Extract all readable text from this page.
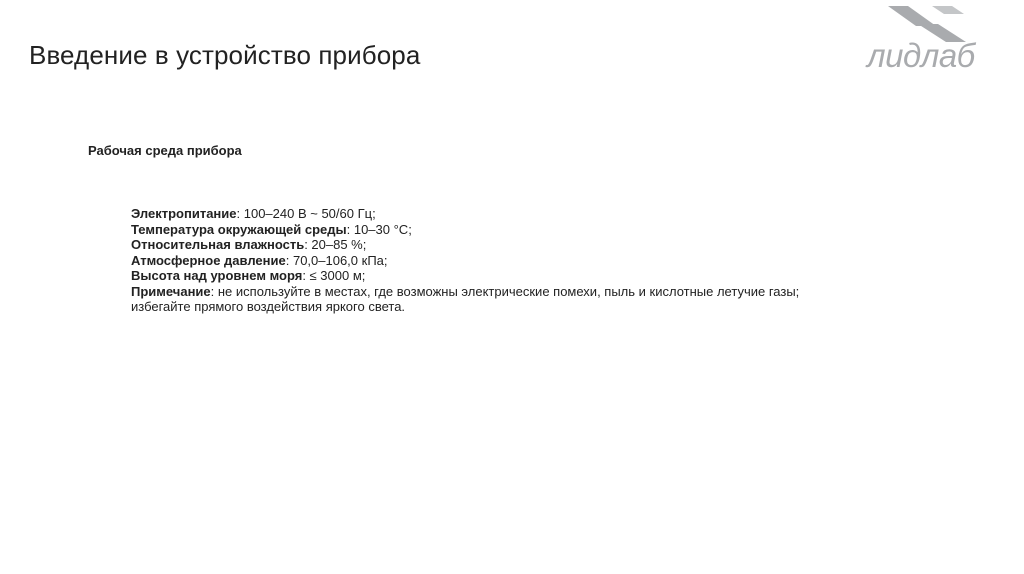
Введение в устройство прибора	лидлаб
Рабочая среда прибора

Электропитание: 100–240 В ~ 50/60 Гц;

Температура окружающей среды: 10–30 °C;

Относительная влажность: 20–85 %;

Атмосферное давление: 70,0–106,0 кПа;

Высота над уровнем моря: ≤ 3000 м;

Примечание: не используйте в местах, где возможны электрические помехи, пыль и кислотные летучие газы;

избегайте прямого воздействия яркого света.
